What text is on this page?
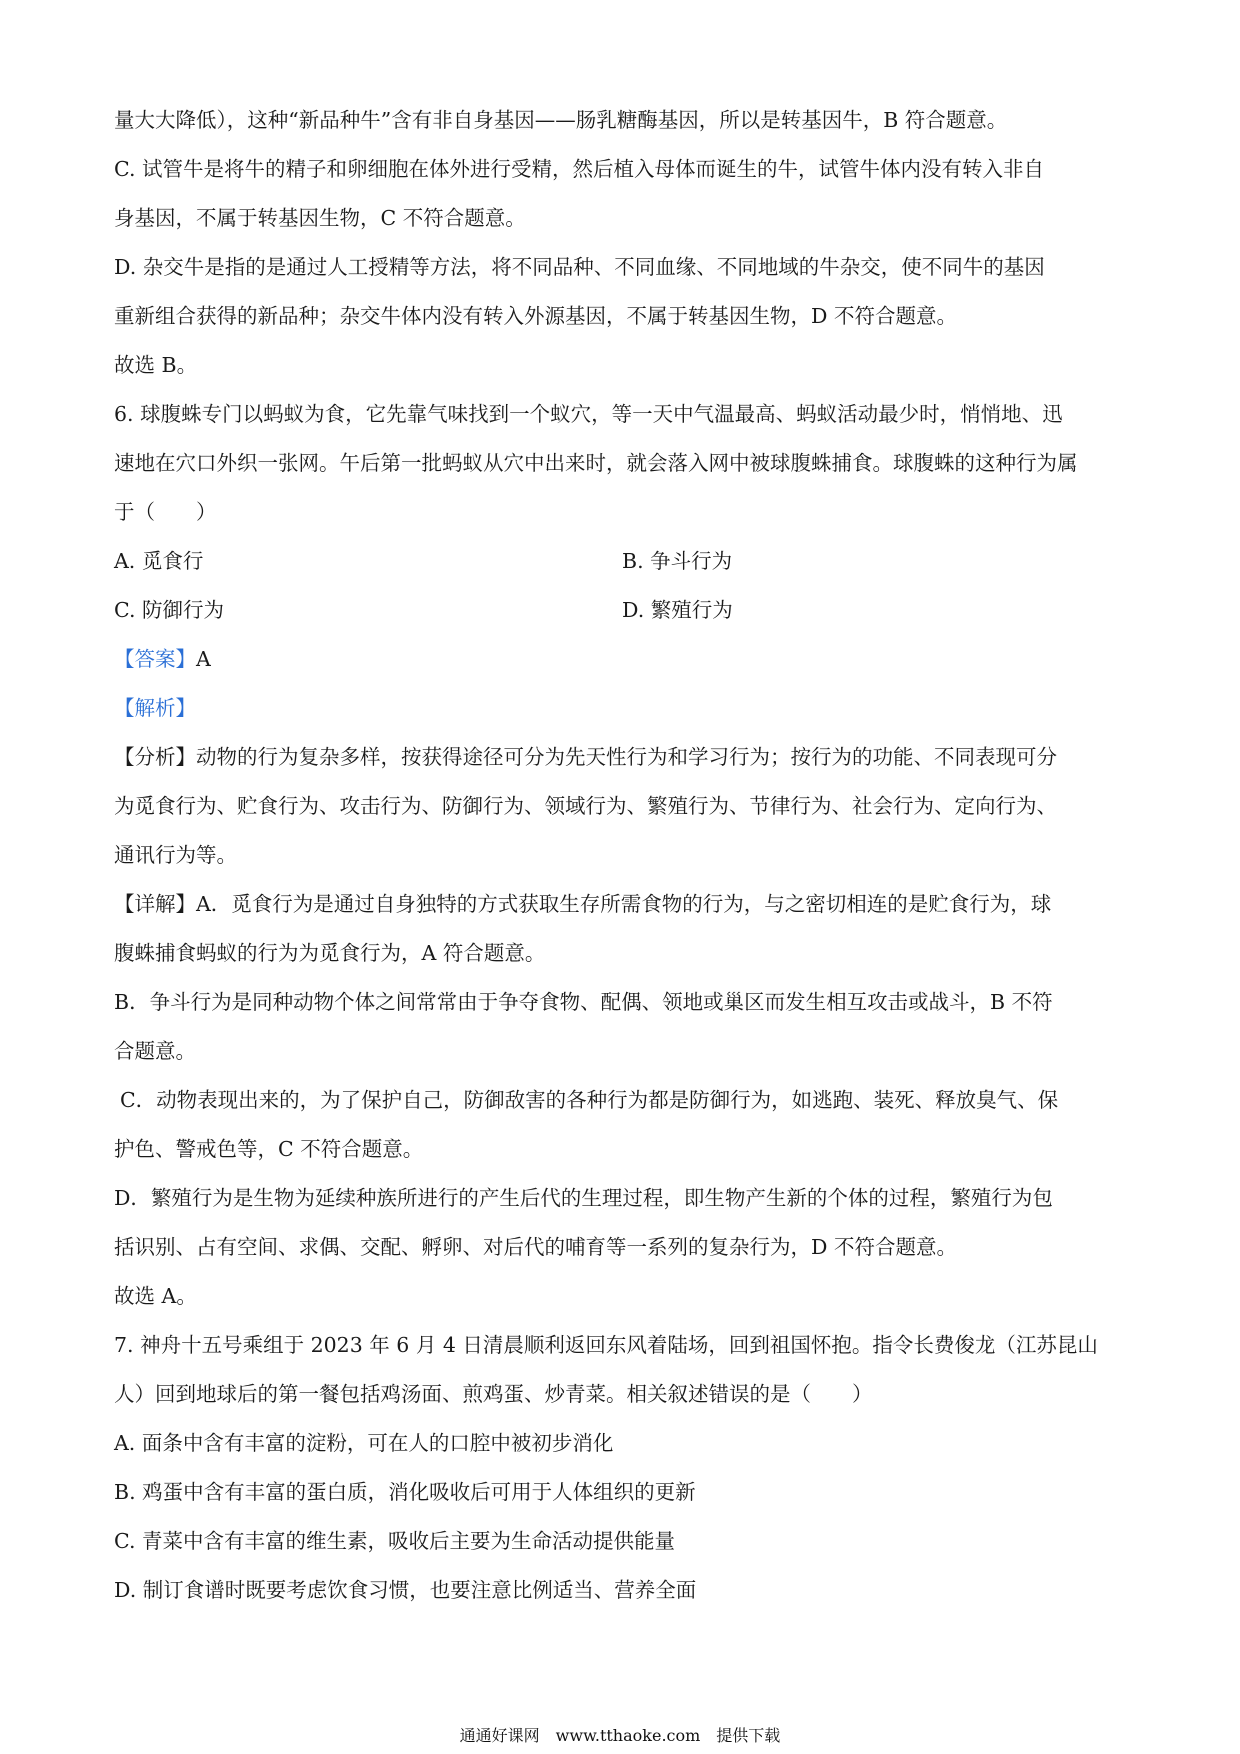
量大大降低），这种“新品种牛”含有非自身基因——肠乳糖酶基因，所以是转基因牛，B 符合题意。

C. 试管牛是将牛的精子和卵细胞在体外进行受精，然后植入母体而诞生的牛，试管牛体内没有转入非自

身基因，不属于转基因生物，C 不符合题意。

D. 杂交牛是指的是通过人工授精等方法，将不同品种、不同血缘、不同地域的牛杂交，使不同牛的基因

重新组合获得的新品种；杂交牛体内没有转入外源基因，不属于转基因生物，D 不符合题意。

故选 B。

6. 球腹蛛专门以蚂蚁为食，它先靠气味找到一个蚁穴，等一天中气温最高、蚂蚁活动最少时，悄悄地、迅

速地在穴口外织一张网。午后第一批蚂蚁从穴中出来时，就会落入网中被球腹蛛捕食。球腹蛛的这种行为属

于（　　）

A. 觅食行	B. 争斗行为
C. 防御行为	D. 繁殖行为

【答案】A

【解析】

【分析】动物的行为复杂多样，按获得途径可分为先天性行为和学习行为；按行为的功能、不同表现可分

为觅食行为、贮食行为、攻击行为、防御行为、领域行为、繁殖行为、节律行为、社会行为、定向行为、

通讯行为等。

【详解】A．觅食行为是通过自身独特的方式获取生存所需食物的行为，与之密切相连的是贮食行为，球

腹蛛捕食蚂蚁的行为为觅食行为，A 符合题意。

B．争斗行为是同种动物个体之间常常由于争夺食物、配偶、领地或巢区而发生相互攻击或战斗，B 不符

合题意。

C．动物表现出来的，为了保护自己，防御敌害的各种行为都是防御行为，如逃跑、装死、释放臭气、保

护色、警戒色等，C 不符合题意。

D．繁殖行为是生物为延续种族所进行的产生后代的生理过程，即生物产生新的个体的过程，繁殖行为包

括识别、占有空间、求偶、交配、孵卵、对后代的哺育等一系列的复杂行为，D 不符合题意。

故选 A。

7. 神舟十五号乘组于 2023 年 6 月 4 日清晨顺利返回东风着陆场，回到祖国怀抱。指令长费俊龙（江苏昆山

人）回到地球后的第一餐包括鸡汤面、煎鸡蛋、炒青菜。相关叙述错误的是（　　）

A. 面条中含有丰富的淀粉，可在人的口腔中被初步消化

B. 鸡蛋中含有丰富的蛋白质，消化吸收后可用于人体组织的更新

C. 青菜中含有丰富的维生素，吸收后主要为生命活动提供能量

D. 制订食谱时既要考虑饮食习惯，也要注意比例适当、营养全面

通通好课网　www.tthaoke.com　提供下载
